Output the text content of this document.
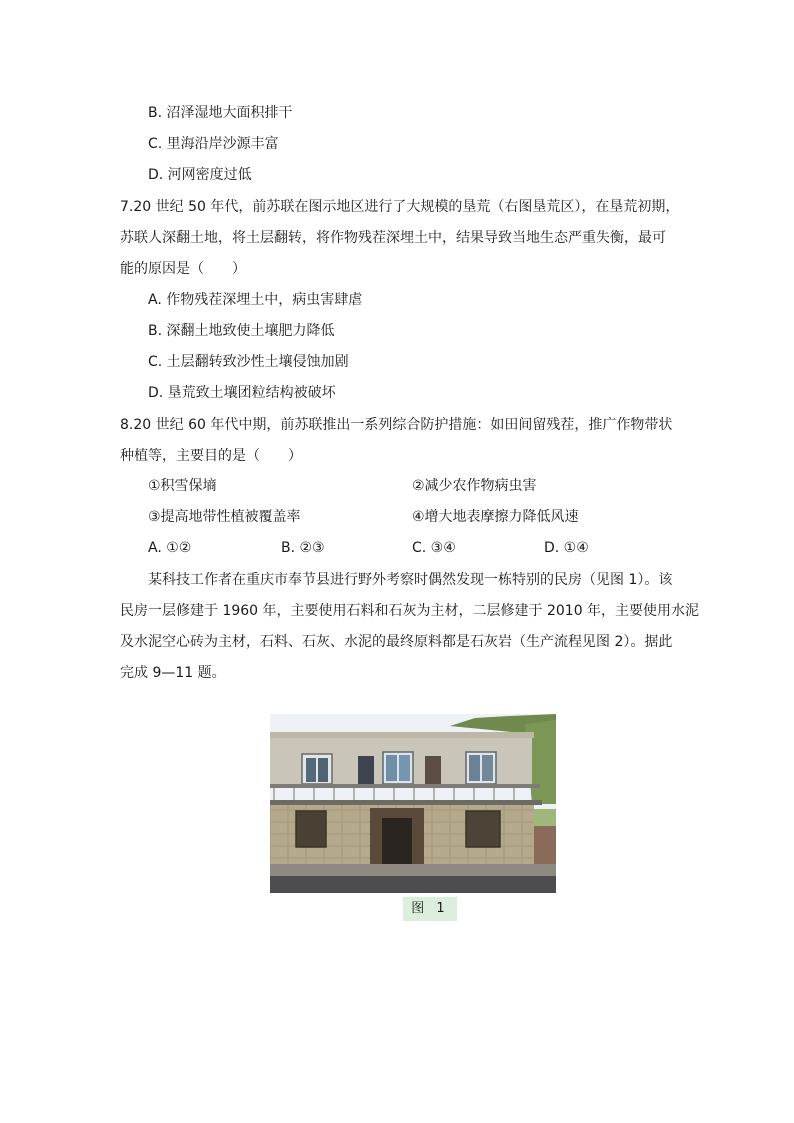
B. 沼泽湿地大面积排干
C. 里海沿岸沙源丰富
D. 河网密度过低
7.20 世纪 50 年代，前苏联在图示地区进行了大规模的垦荒（右图垦荒区），在垦荒初期，
苏联人深翻土地，将土层翻转，将作物残茬深埋土中，结果导致当地生态严重失衡，最可
能的原因是（　　）
A. 作物残茬深埋土中，病虫害肆虐
B. 深翻土地致使土壤肥力降低
C. 土层翻转致沙性土壤侵蚀加剧
D. 垦荒致土壤团粒结构被破坏
8.20 世纪 60 年代中期，前苏联推出一系列综合防护措施：如田间留残茬，推广作物带状
种植等，主要目的是（　　）
①积雪保墒	②减少农作物病虫害
③提高地带性植被覆盖率	④增大地表摩擦力降低风速
A. ①②	B. ②③	C. ③④	D. ①④
某科技工作者在重庆市奉节县进行野外考察时偶然发现一栋特别的民房（见图 1）。该
民房一层修建于 1960 年，主要使用石料和石灰为主材，二层修建于 2010 年，主要使用水泥
及水泥空心砖为主材，石料、石灰、水泥的最终原料都是石灰岩（生产流程见图 2）。据此
完成 9—11 题。
图 1
